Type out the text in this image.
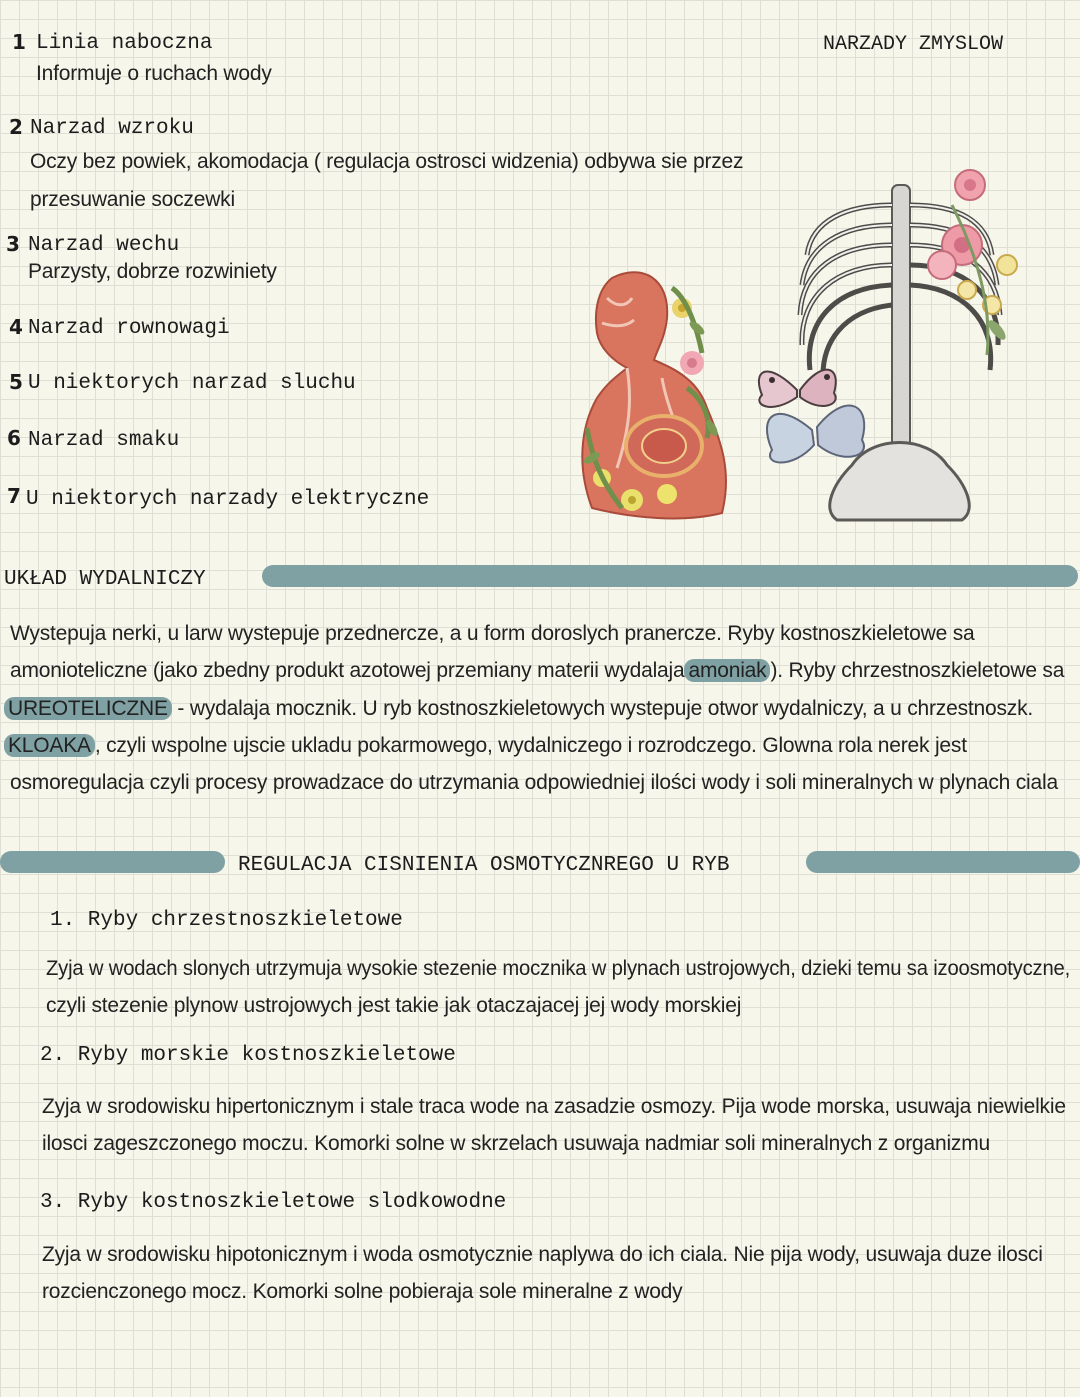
NARZADY ZMYSLOW
1 Linia naboczna
Informuje o ruchach wody
2 Narzad wzroku
Oczy bez powiek, akomodacja ( regulacja ostrosci widzenia) odbywa sie przez
przesuwanie soczewki
3 Narzad wechu
Parzysty, dobrze rozwiniety
4 Narzad rownowagi
5 U niektorych narzad sluchu
6 Narzad smaku
7 U niektorych narzady elektryczne
UKŁAD WYDALNICZY
Wystepuja nerki, u larw wystepuje przednercze, a u form doroslych pranercze. Ryby kostnoszkieletowe sa
amonioteliczne (jako zbedny produkt azotowej przemiany materii wydalaja amoniak ). Ryby chrzestnoszkieletowe sa
UREOTELICZNE - wydalaja mocznik. U ryb kostnoszkieletowych wystepuje otwor wydalniczy, a u chrzestnoszk.
KLOAKA , czyli wspolne ujscie ukladu pokarmowego, wydalniczego i rozrodczego. Glowna rola nerek jest
osmoregulacja czyli procesy prowadzace do utrzymania odpowiedniej ilości wody i soli mineralnych w plynach ciala
REGULACJA CISNIENIA OSMOTYCZNREGO U RYB
1. Ryby chrzestnoszkieletowe
Zyja w wodach slonych utrzymuja wysokie stezenie mocznika w plynach ustrojowych, dzieki temu sa izoosmotyczne,
czyli stezenie plynow ustrojowych jest takie jak otaczajacej jej wody morskiej
2. Ryby morskie kostnoszkieletowe
Zyja w srodowisku hipertonicznym i stale traca wode na zasadzie osmozy. Pija wode morska, usuwaja niewielkie
ilosci zageszczonego moczu. Komorki solne w skrzelach usuwaja nadmiar soli mineralnych z organizmu
3. Ryby kostnoszkieletowe slodkowodne
Zyja w srodowisku hipotonicznym i woda osmotycznie naplywa do ich ciala. Nie pija wody, usuwaja duze ilosci
rozcienczonego mocz. Komorki solne pobieraja sole mineralne z wody
